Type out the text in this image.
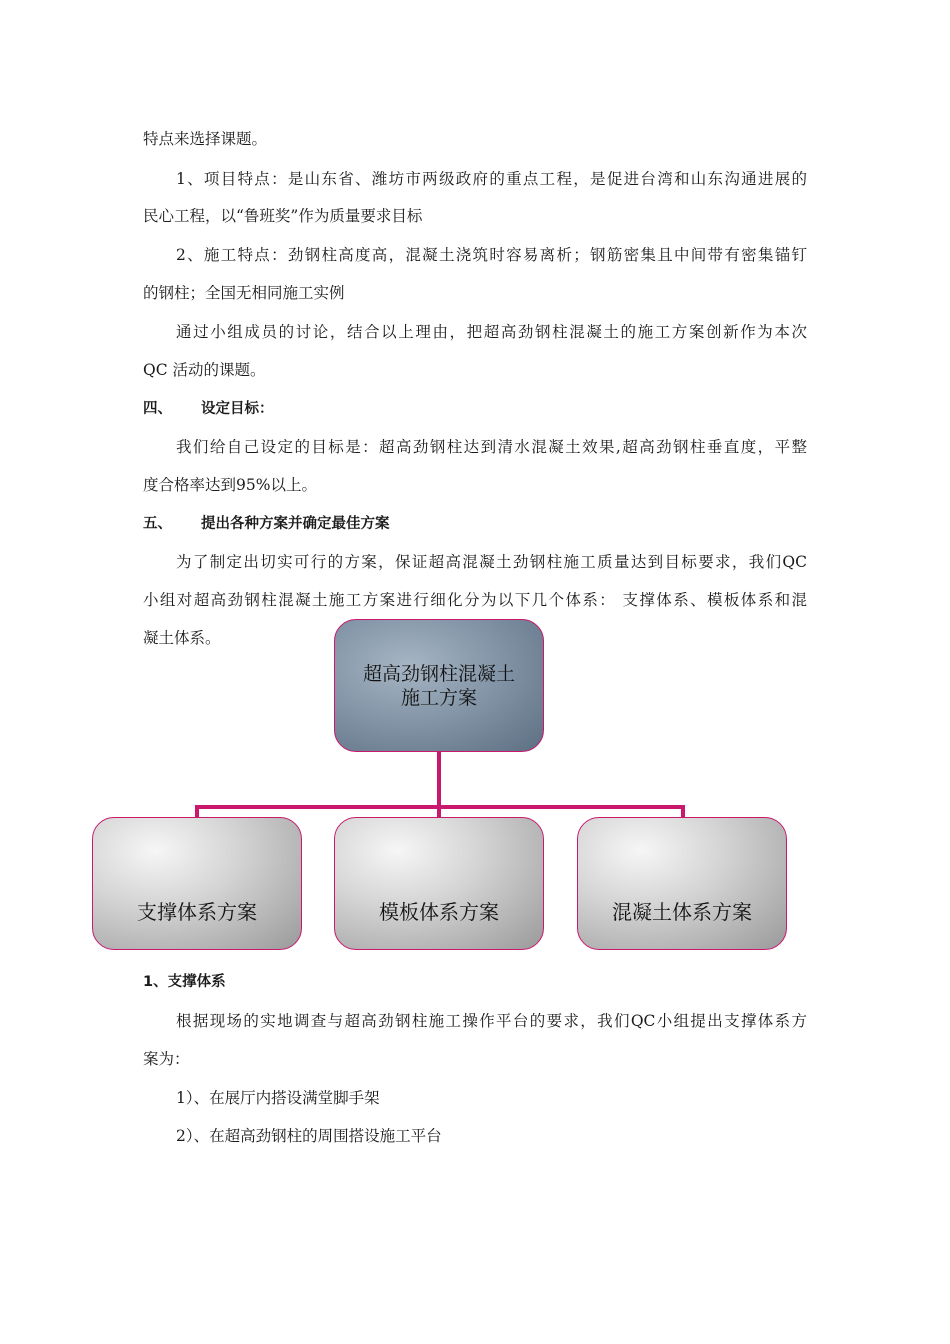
特点来选择课题。
1、项目特点：是山东省、潍坊市两级政府的重点工程，是促进台湾和山东沟通进展的
民心工程，以“鲁班奖”作为质量要求目标
2、施工特点：劲钢柱高度高，混凝土浇筑时容易离析；钢筋密集且中间带有密集锚钉
的钢柱；全国无相同施工实例
通过小组成员的讨论，结合以上理由，把超高劲钢柱混凝土的施工方案创新作为本次
QC 活动的课题。
四、 设定目标：
我们给自己设定的目标是：超高劲钢柱达到清水混凝土效果,超高劲钢柱垂直度，平整
度合格率达到95%以上。
五、 提出各种方案并确定最佳方案
为了制定出切实可行的方案，保证超高混凝土劲钢柱施工质量达到目标要求，我们QC
小组对超高劲钢柱混凝土施工方案进行细化分为以下几个体系： 支撑体系、模板体系和混
凝土体系。
超高劲钢柱混凝土
施工方案
支撑体系方案	模板体系方案	混凝土体系方案
1、支撑体系
根据现场的实地调查与超高劲钢柱施工操作平台的要求，我们QC小组提出支撑体系方
案为：
1）、在展厅内搭设满堂脚手架
2）、在超高劲钢柱的周围搭设施工平台
